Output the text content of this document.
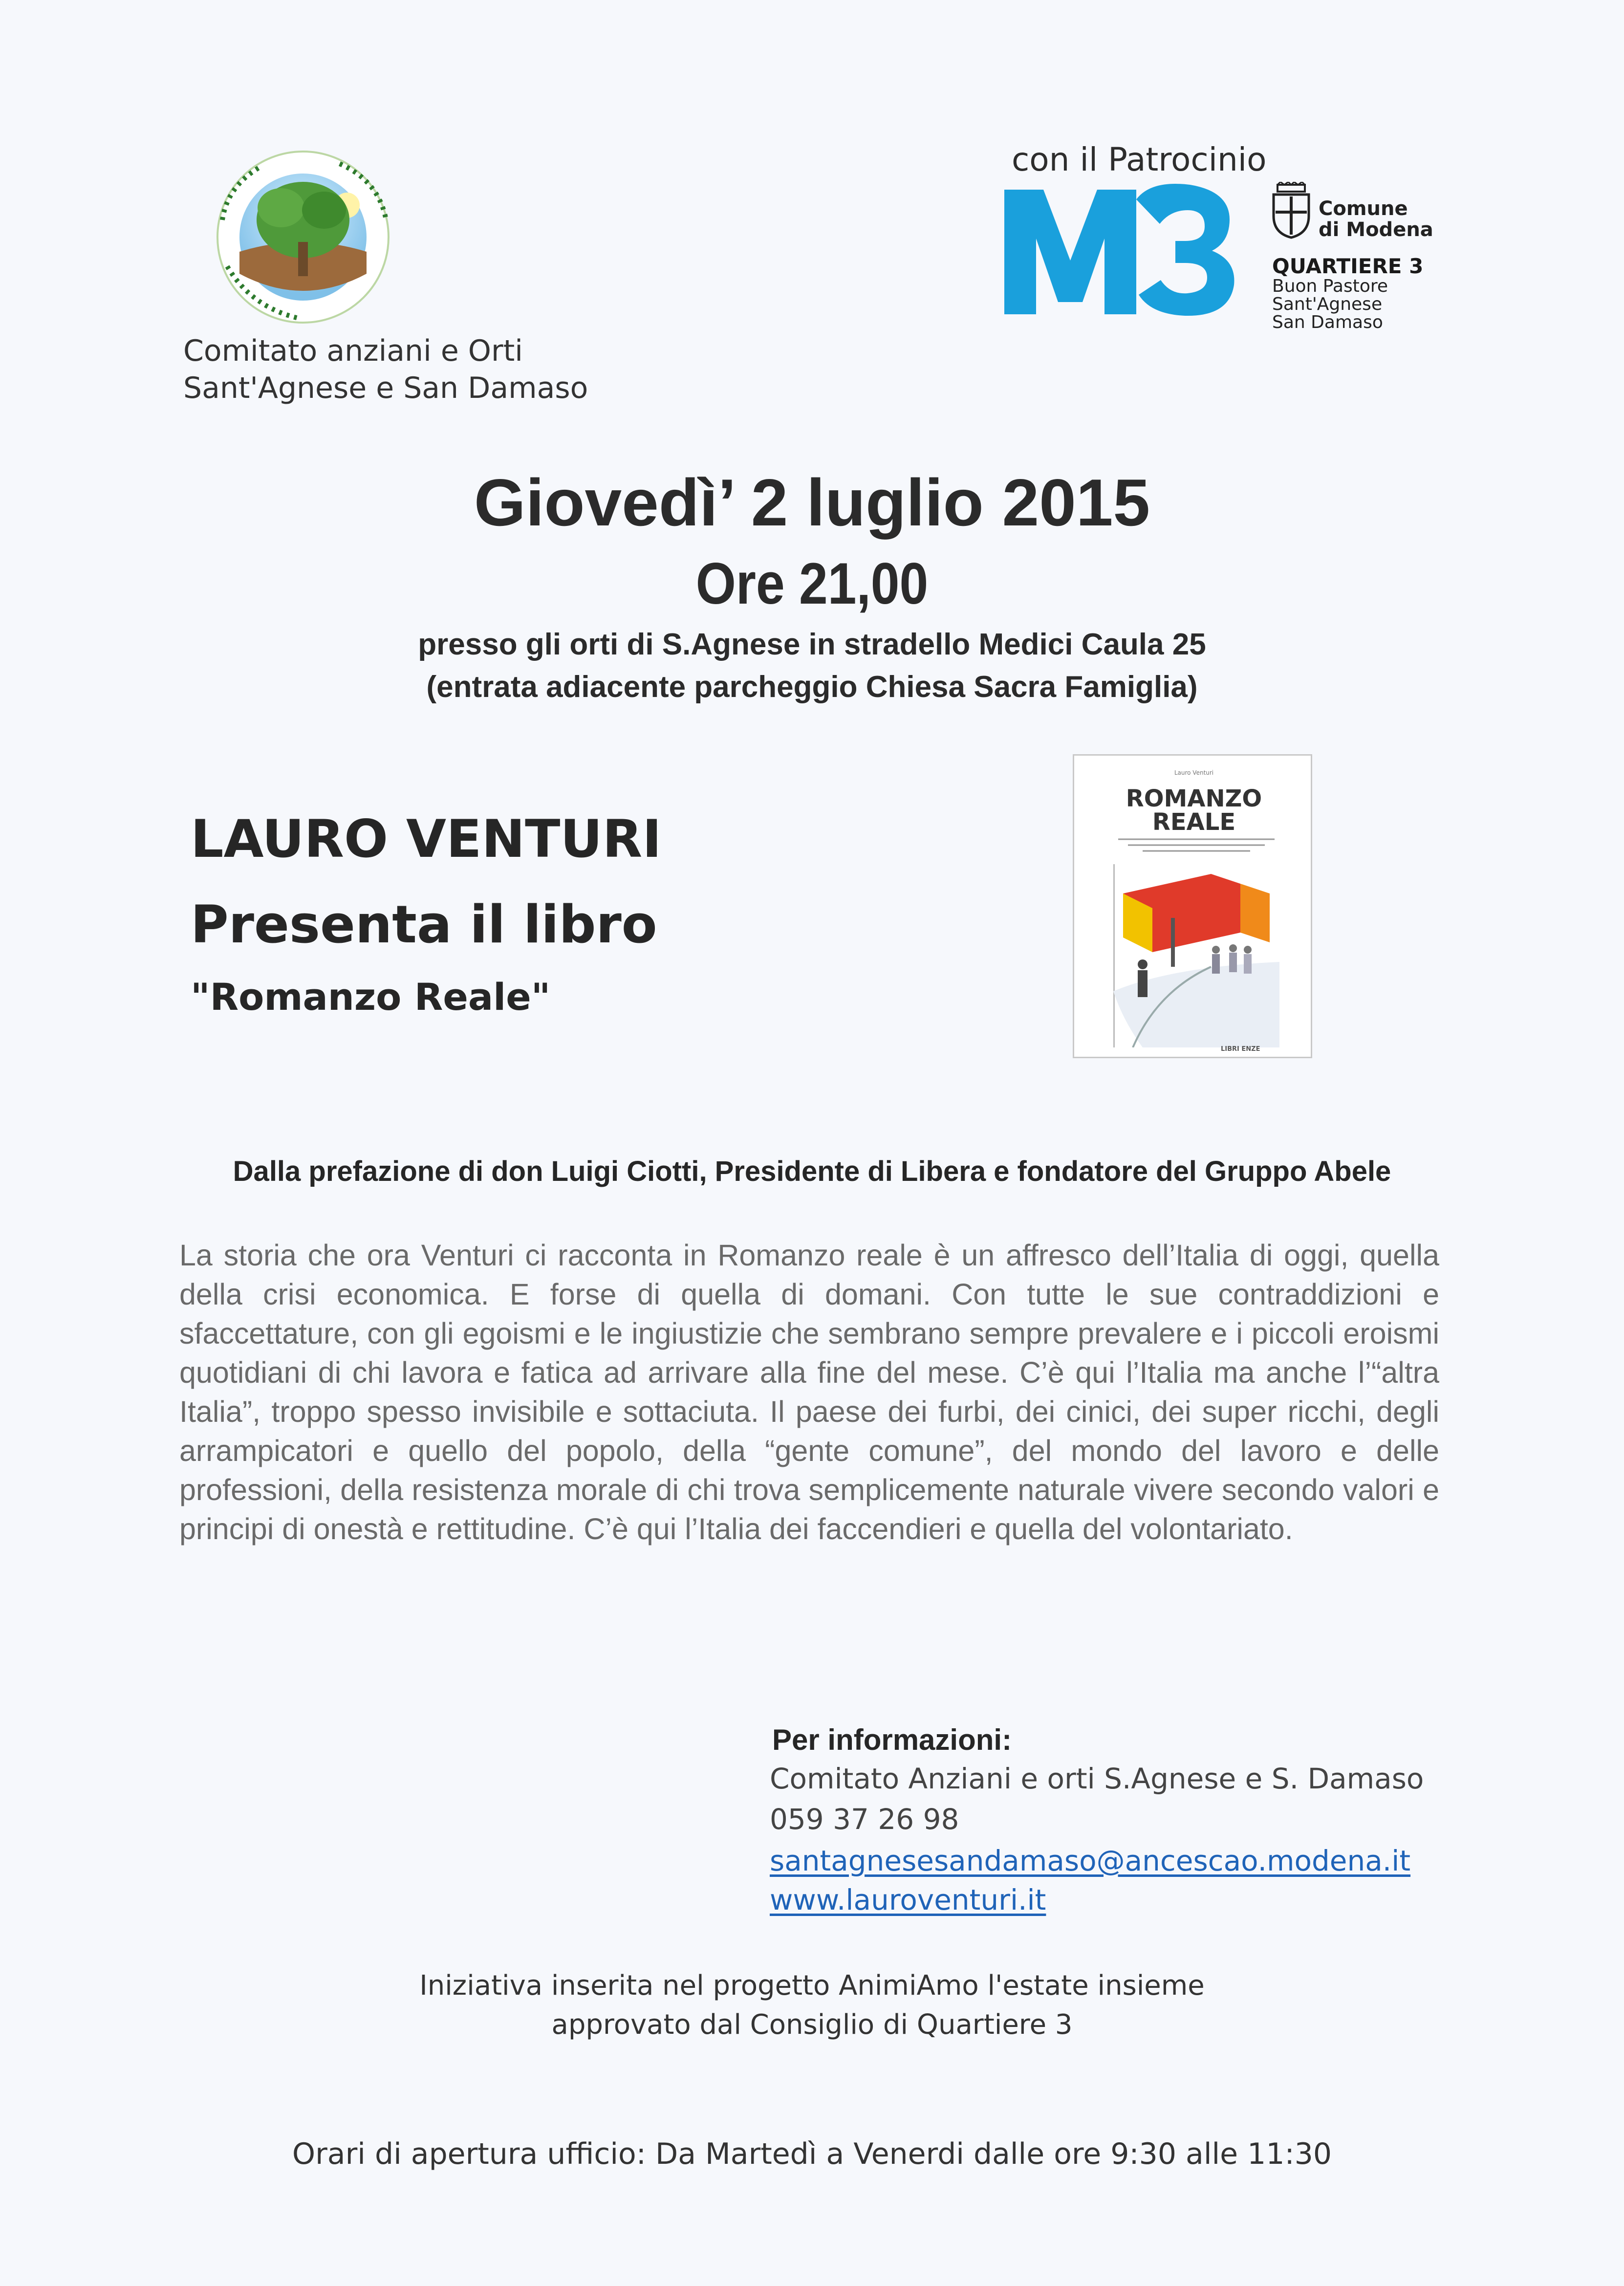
Comitato anziani e Orti
Sant'Agnese e San Damaso
con il Patrocinio
Comune
di Modena
QUARTIERE 3
Buon Pastore
Sant'Agnese
San Damaso
Giovedì’ 2 luglio 2015
Ore 21,00
presso gli orti di S.Agnese in stradello Medici Caula 25
(entrata adiacente parcheggio Chiesa Sacra Famiglia)
LAURO VENTURI
Presenta il libro
"Romanzo Reale"
Lauro Venturi
ROMANZO
REALE
LIBRI ENZE
Dalla prefazione di don Luigi Ciotti, Presidente di Libera e fondatore del Gruppo Abele
La storia che ora Venturi ci racconta in Romanzo reale è un affresco dell’Italia di oggi, quella della crisi economica. E forse di quella di domani. Con tutte le sue contraddizioni e sfaccettature, con gli egoismi e le ingiustizie che sembrano sempre prevalere e i piccoli eroismi quotidiani di chi lavora e fatica ad arrivare alla fine del mese. C’è qui l’Italia ma anche l’“altra Italia”, troppo spesso invisibile e sottaciuta. Il paese dei furbi, dei cinici, dei super ricchi, degli arrampicatori e quello del popolo, della “gente comune”, del mondo del lavoro e delle professioni, della resistenza morale di chi trova semplicemente naturale vivere secondo valori e principi di onestà e rettitudine. C’è qui l’Italia dei faccendieri e quella del volontariato.
Per informazioni:
Comitato Anziani e orti S.Agnese e S. Damaso
059 37 26 98
santagnesesandamaso@ancescao.modena.it
www.lauroventuri.it
Iniziativa inserita nel progetto AnimiAmo l'estate insieme
approvato dal Consiglio di Quartiere 3
Orari di apertura ufficio: Da Martedì a Venerdi dalle ore 9:30 alle 11:30
